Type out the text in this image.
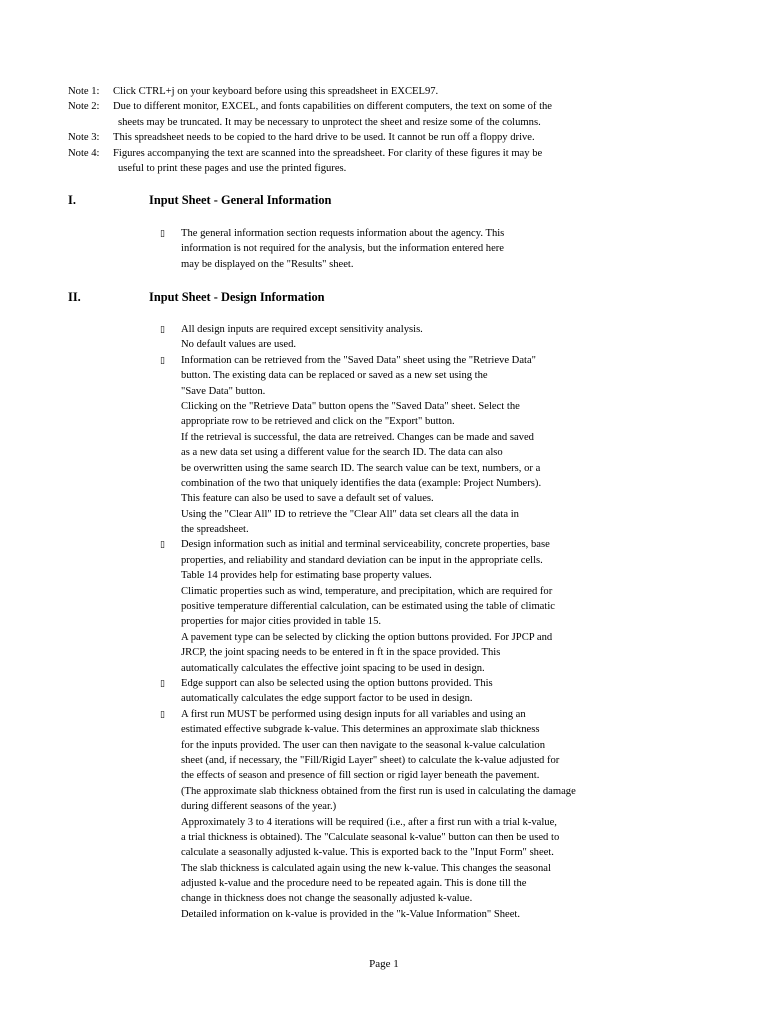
Note 1:	Click CTRL+j on your keyboard before using this spreadsheet in EXCEL97.
Note 2:	Due to different monitor, EXCEL, and fonts capabilities on different computers, the text on some of the
sheets may be truncated. It may be necessary to unprotect the sheet and resize some of the columns.
Note 3:	This spreadsheet needs to be copied to the hard drive to be used. It cannot be run off a floppy drive.
Note 4:	Figures accompanying the text are scanned into the spreadsheet. For clarity of these figures it may be
useful to print these pages and use the printed figures.
I.	Input Sheet - General Information
▯	The general information section requests information about the agency. This
information is not required for the analysis, but the information entered here
may be displayed on the "Results" sheet.
II.	Input Sheet - Design Information
▯	All design inputs are required except sensitivity analysis.
No default values are used.
▯	Information can be retrieved from the "Saved Data" sheet using the "Retrieve Data"
button. The existing data can be replaced or saved as a new set using the
"Save Data" button.
Clicking on the "Retrieve Data" button opens the "Saved Data" sheet. Select the
appropriate row to be retrieved and click on the "Export" button.
If the retrieval is successful, the data are retreived. Changes can be made and saved
as a new data set using a different value for the search ID. The data can also
be overwritten using the same search ID. The search value can be text, numbers, or a
combination of the two that uniquely identifies the data (example: Project Numbers).
This feature can also be used to save a default set of values.
Using the "Clear All" ID to retrieve the "Clear All" data set clears all the data in
the spreadsheet.
▯	Design information such as initial and terminal serviceability, concrete properties, base
properties, and reliability and standard deviation can be input in the appropriate cells.
Table 14 provides help for estimating base property values.
Climatic properties such as wind, temperature, and precipitation, which are required for
positive temperature differential calculation, can be estimated using the table of climatic
properties for major cities provided in table 15.
A pavement type can be selected by clicking the option buttons provided. For JPCP and
JRCP, the joint spacing needs to be entered in ft in the space provided. This
automatically calculates the effective joint spacing to be used in design.
▯	Edge support can also be selected using the option buttons provided. This
automatically calculates the edge support factor to be used in design.
▯	A first run MUST be performed using design inputs for all variables and using an
estimated effective subgrade k-value. This determines an approximate slab thickness
for the inputs provided. The user can then navigate to the seasonal k-value calculation
sheet (and, if necessary, the "Fill/Rigid Layer" sheet) to calculate the k-value adjusted for
the effects of season and presence of fill section or rigid layer beneath the pavement.
(The approximate slab thickness obtained from the first run is used in calculating the damage
during different seasons of the year.)
Approximately 3 to 4 iterations will be required (i.e., after a first run with a trial k-value,
a trial thickness is obtained). The "Calculate seasonal k-value" button can then be used to
calculate a seasonally adjusted k-value. This is exported back to the "Input Form" sheet.
The slab thickness is calculated again using the new k-value. This changes the seasonal
adjusted k-value and the procedure need to be repeated again. This is done till the
change in thickness does not change the seasonally adjusted k-value.
Detailed information on k-value is provided in the "k-Value Information" Sheet.
Page 1
